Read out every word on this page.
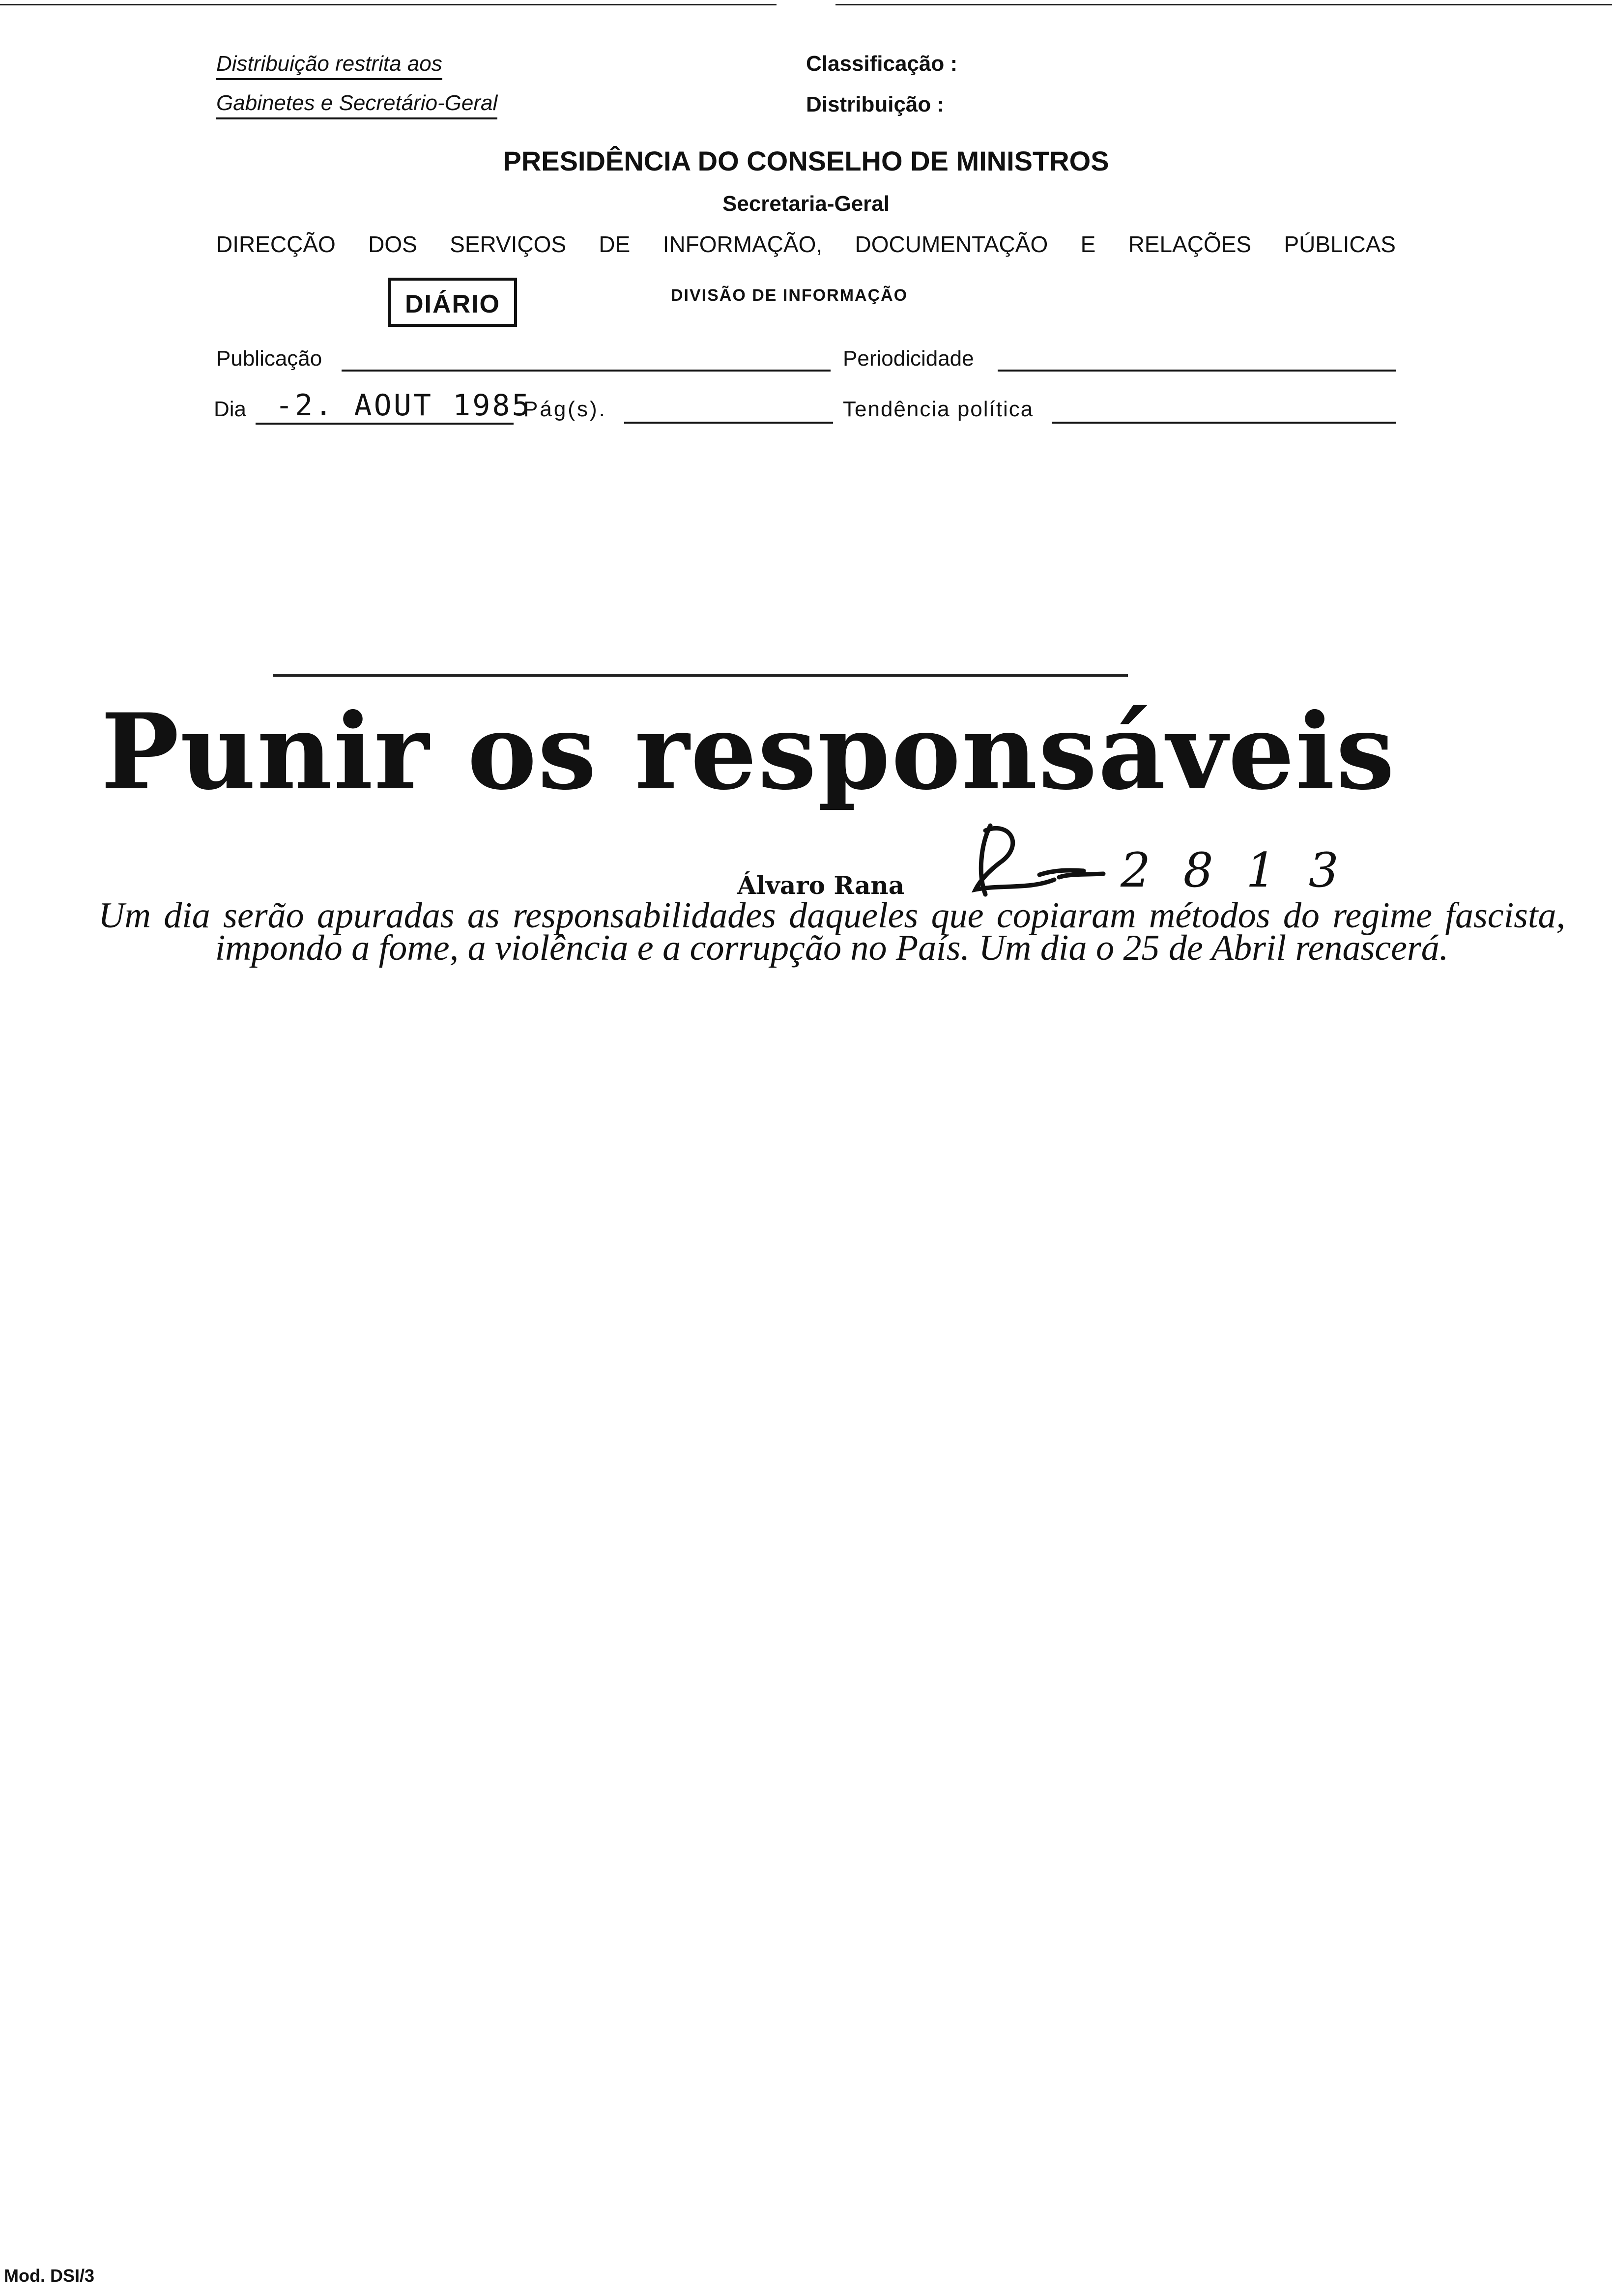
Distribuição restrita aos
Gabinetes e Secretário-Geral
Classificação :
Distribuição :
PRESIDÊNCIA DO CONSELHO DE MINISTROS
Secretaria-Geral
DIRECÇÃO DOS SERVIÇOS DE INFORMAÇÃO, DOCUMENTAÇÃO E RELAÇÕES PÚBLICAS
DIÁRIO	DIVISÃO DE INFORMAÇÃO
Publicação	Periodicidade
Dia -2. AOUT 1985
Pág(s).	Tendência política
Punir os responsáveis
Álvaro Rana	2 8 1 3
Um dia serão apuradas as responsabilidades daqueles que copiaram métodos do regime fascista, impondo a fome, a violência e a corrupção no País. Um dia o 25 de Abril renascerá.
Mod. DSI/3
